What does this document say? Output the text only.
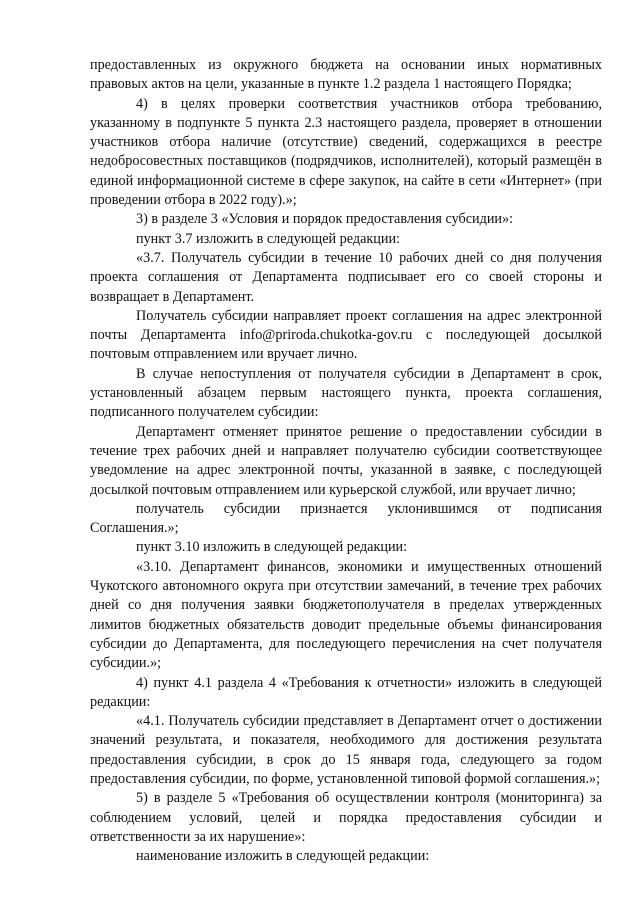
предоставленных из окружного бюджета на основании иных нормативных правовых актов на цели, указанные в пункте 1.2 раздела 1 настоящего Порядка;

4) в целях проверки соответствия участников отбора требованию, указанному в подпункте 5 пункта 2.3 настоящего раздела, проверяет в отношении участников отбора наличие (отсутствие) сведений, содержащихся в реестре недобросовестных поставщиков (подрядчиков, исполнителей), который размещён в единой информационной системе в сфере закупок, на сайте в сети «Интернет» (при проведении отбора в 2022 году).»;

3) в разделе 3 «Условия и порядок предоставления субсидии»:

пункт 3.7 изложить в следующей редакции:

«3.7. Получатель субсидии в течение 10 рабочих дней со дня получения проекта соглашения от Департамента подписывает его со своей стороны и возвращает в Департамент.

Получатель субсидии направляет проект соглашения на адрес электронной почты Департамента info@priroda.chukotka-gov.ru с последующей досылкой почтовым отправлением или вручает лично.

В случае непоступления от получателя субсидии в Департамент в срок, установленный абзацем первым настоящего пункта, проекта соглашения, подписанного получателем субсидии:

Департамент отменяет принятое решение о предоставлении субсидии в течение трех рабочих дней и направляет получателю субсидии соответствующее уведомление на адрес электронной почты, указанной в заявке, с последующей досылкой почтовым отправлением или курьерской службой, или вручает лично;

получатель субсидии признается уклонившимся от подписания Соглашения.»;

пункт 3.10 изложить в следующей редакции:

«3.10. Департамент финансов, экономики и имущественных отношений Чукотского автономного округа при отсутствии замечаний, в течение трех рабочих дней со дня получения заявки бюджетополучателя в пределах утвержденных лимитов бюджетных обязательств доводит предельные объемы финансирования субсидии до Департамента, для последующего перечисления на счет получателя субсидии.»;

4) пункт 4.1 раздела 4 «Требования к отчетности» изложить в следующей редакции:

«4.1. Получатель субсидии представляет в Департамент отчет о достижении значений результата, и показателя, необходимого для достижения результата предоставления субсидии, в срок до 15 января года, следующего за годом предоставления субсидии, по форме, установленной типовой формой соглашения.»;

5) в разделе 5 «Требования об осуществлении контроля (мониторинга) за соблюдением условий, целей и порядка предоставления субсидии и ответственности за их нарушение»:

наименование изложить в следующей редакции:
